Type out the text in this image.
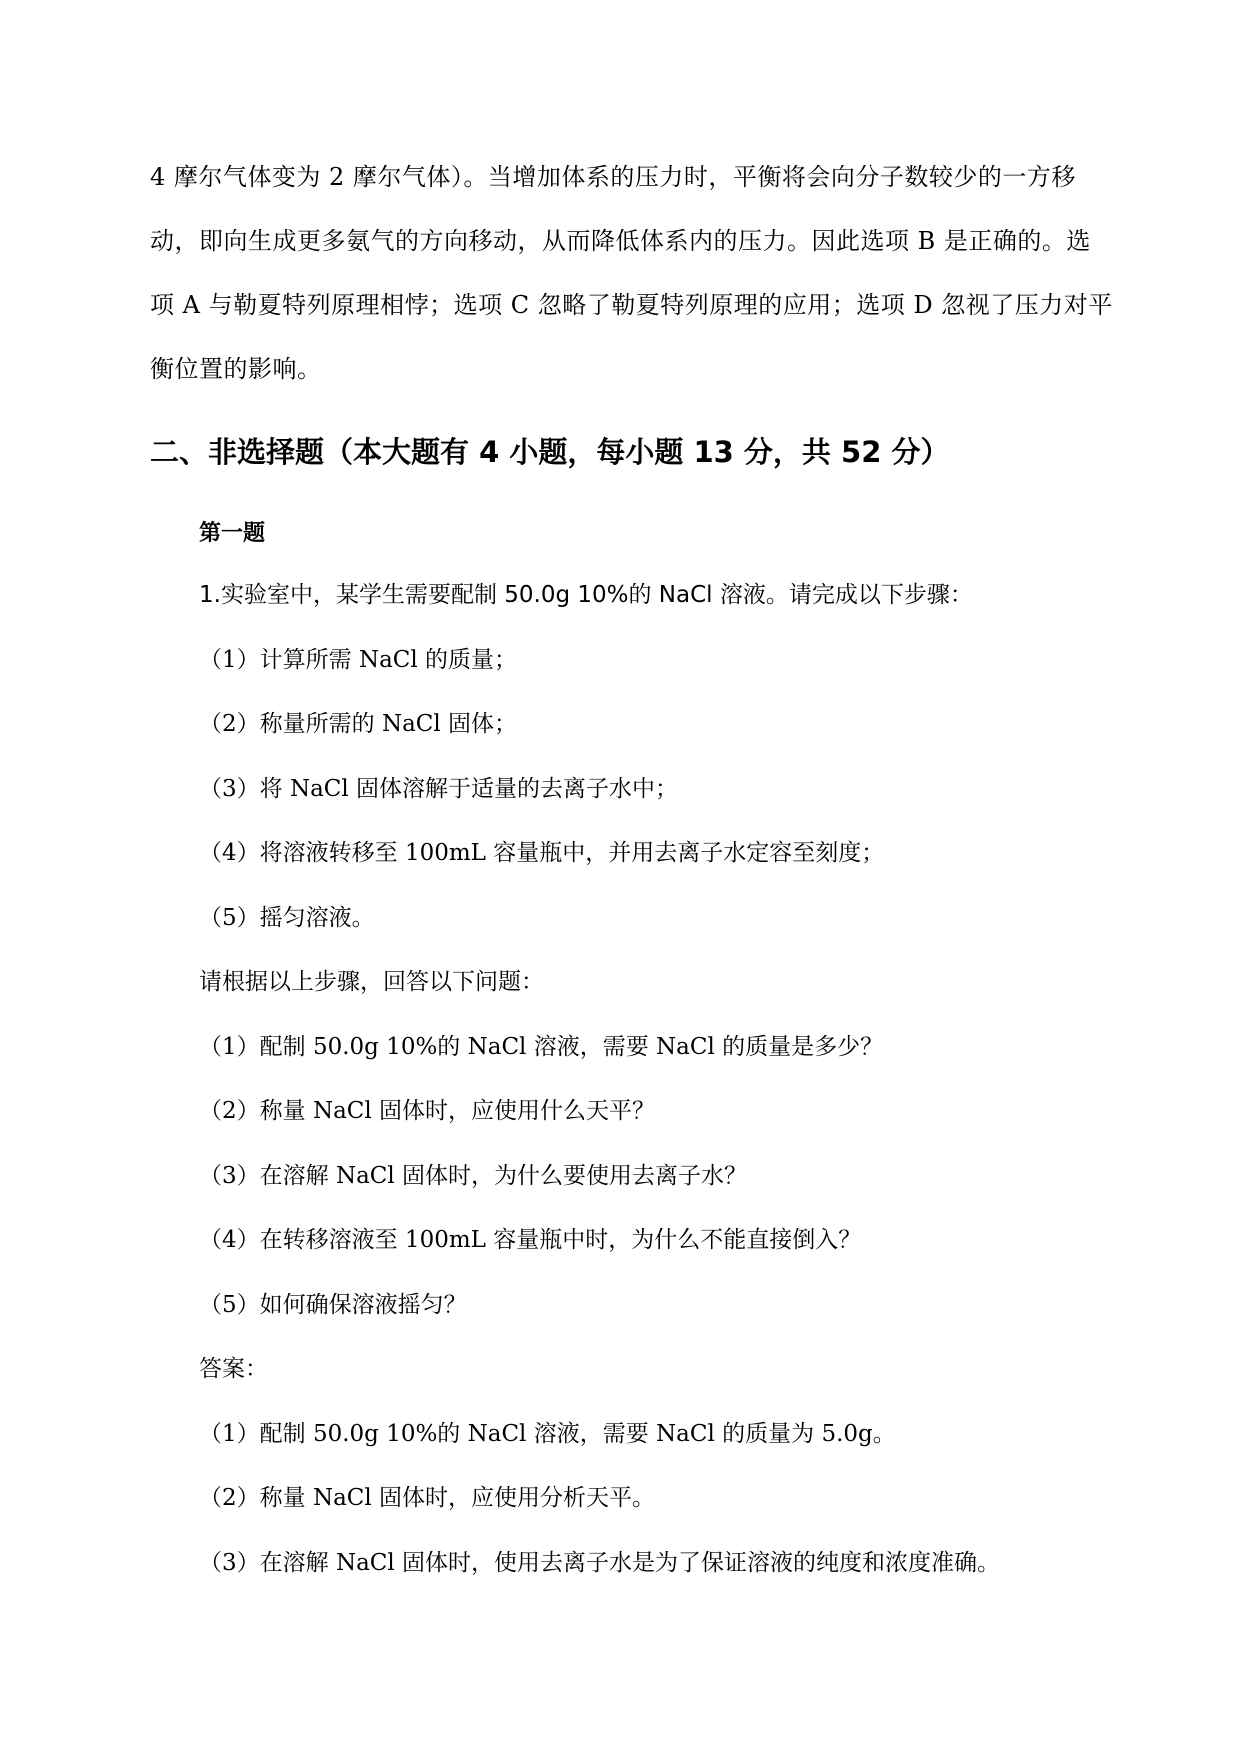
4 摩尔气体变为 2 摩尔气体）。当增加体系的压力时，平衡将会向分子数较少的一方移
动，即向生成更多氨气的方向移动，从而降低体系内的压力。因此选项 B 是正确的。选
项 A 与勒夏特列原理相悖；选项 C 忽略了勒夏特列原理的应用；选项 D 忽视了压力对平
衡位置的影响。

二、非选择题（本大题有 4 小题，每小题 13 分，共 52 分）
第一题
1.实验室中，某学生需要配制 50.0g 10%的 NaCl 溶液。请完成以下步骤：
（1）计算所需 NaCl 的质量；
（2）称量所需的 NaCl 固体；
（3）将 NaCl 固体溶解于适量的去离子水中；
（4）将溶液转移至 100mL 容量瓶中，并用去离子水定容至刻度；
（5）摇匀溶液。
请根据以上步骤，回答以下问题：
（1）配制 50.0g 10%的 NaCl 溶液，需要 NaCl 的质量是多少？
（2）称量 NaCl 固体时，应使用什么天平？
（3）在溶解 NaCl 固体时，为什么要使用去离子水？
（4）在转移溶液至 100mL 容量瓶中时，为什么不能直接倒入？
（5）如何确保溶液摇匀？
答案：
（1）配制 50.0g 10%的 NaCl 溶液，需要 NaCl 的质量为 5.0g。
（2）称量 NaCl 固体时，应使用分析天平。
（3）在溶解 NaCl 固体时，使用去离子水是为了保证溶液的纯度和浓度准确。
